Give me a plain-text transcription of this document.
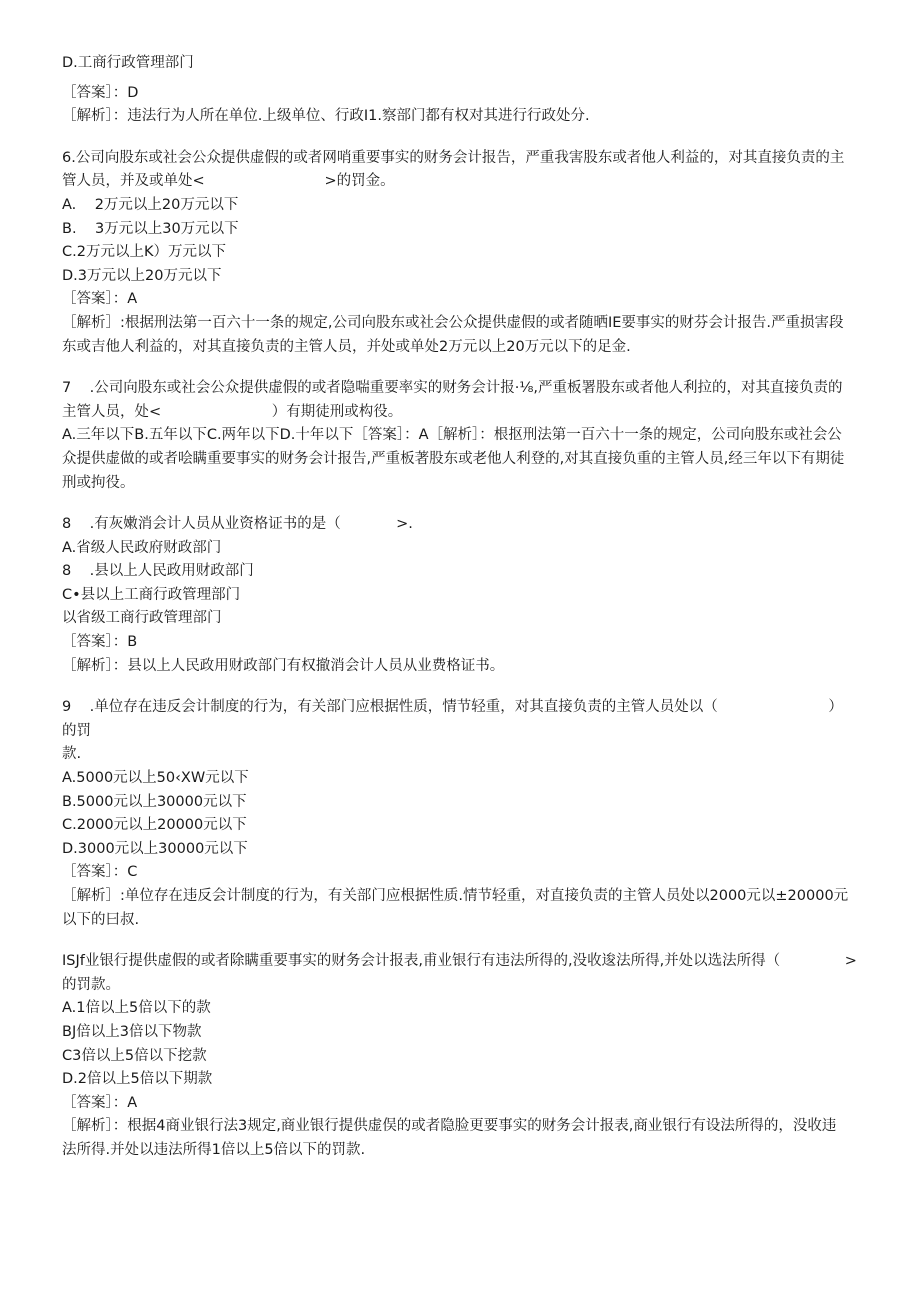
D.工商行政管理部门

［答案］：D

［解析］：违法行为人所在单位.上级单位、行政I1.察部门都有权对其进行行政处分.

6.公司向股东或社会公众提供虚假的或者网哨重要事实的财务会计报告，严重我害股东或者他人利益的，对其直接负责的主

管人员，并及或单处<                          >的罚金。

A.    2万元以上20万元以下

B.    3万元以上30万元以下

C.2万元以上K）万元以下

D.3万元以上20万元以下

［答案］：A

［解析］:根据刑法第一百六十一条的规定,公司向股东或社会公众提供虚假的或者随晒IE要事实的财芬会计报告.严重损害段

东或吉他人利益的，对其直接负责的主管人员，并处或单处2万元以上20万元以下的足金.

7    .公司向股东或社会公众提供虚假的或者隐喘重要率实的财务会计报·⅛,严重板署股东或者他人利拉的，对其直接负责的

主管人员，处<                        ）有期徒刑或构役。

A.三年以下B.五年以下C.两年以下D.十年以下［答案］：A［解析］：根抠刑法第一百六十一条的规定，公司向股东或社会公

众提供虚做的或者哙瞒重要事实的财务会计报告,严重板著股东或老他人利登的,对其直接负重的主管人员,经三年以下有期徒

刑或拘役。

8    .有灰嫩消会计人员从业资格证书的是（            >.

A.省级人民政府财政部门

8    .县以上人民政用财政部门

C•县以上工商行政管理部门

以省级工商行政管理部门

［答案］：B

［解析］：县以上人民政用财政部门有权撤消会计人员从业费格证书。

9    .单位存在违反会计制度的行为，有关部门应根据性质，情节轻重，对其直接负责的主管人员处以（                        ）的罚

款.

A.5000元以上50‹XW元以下

B.5000元以上30000元以下

C.2000元以上20000元以下

D.3000元以上30000元以下

［答案］：C

［解析］:单位存在违反会计制度的行为，有关部门应根据性质.情节轻重，对直接负责的主管人员处以2000元以±20000元

以下的曰叔.

ISJf业银行提供虚假的或者除瞒重要事实的财务会计报表,甫业银行有违法所得的,没收逡法所得,并处以选法所得（              >

的罚款。

A.1倍以上5倍以下的款

BJ倍以上3倍以下物款

C3倍以上5倍以下挖款

D.2倍以上5倍以下期款

［答案］：A

［解析］：根据4商业银行法3规定,商业银行提供虚俣的或者隐脸更要事实的财务会计报表,商业银行有设法所得的，没收违

法所得.并处以违法所得1倍以上5倍以下的罚款.
